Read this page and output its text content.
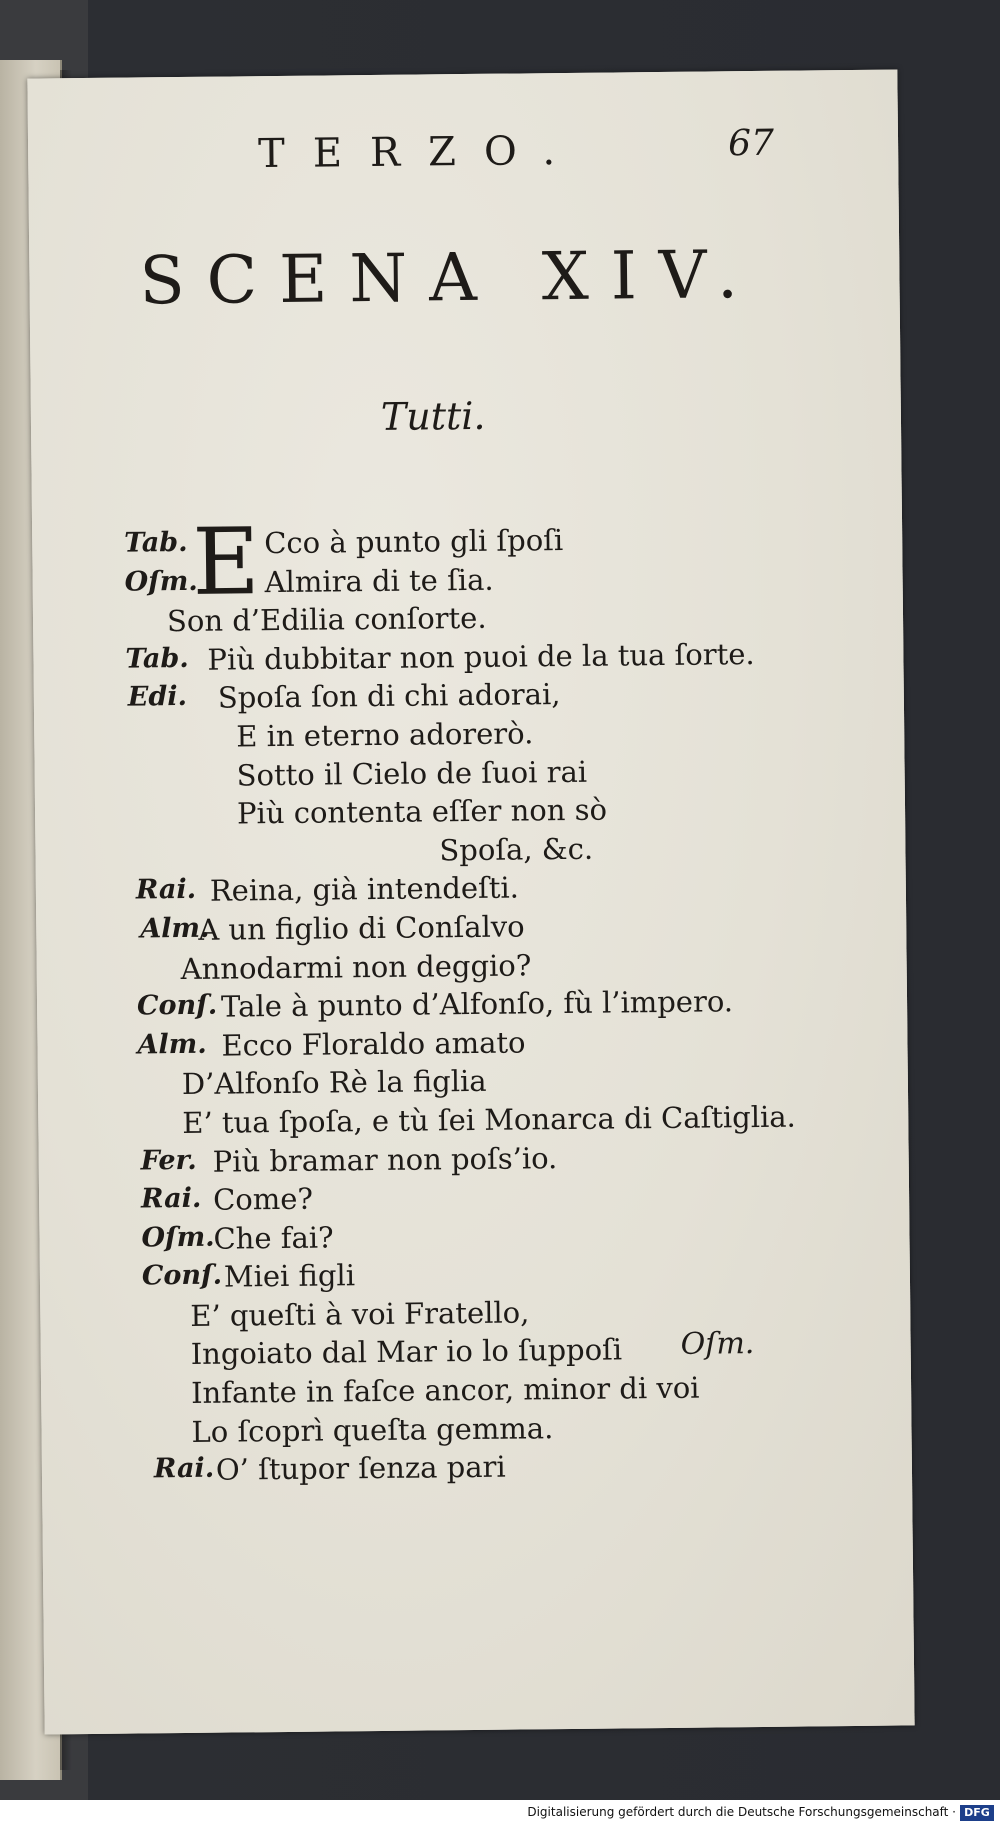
TERZO.	67
SCENA XIV.
Tutti.
Tab. E Cco à punto gli ſpoſi
Oſm. Almira di te ſia.
Son d’Edilia conſorte.
Tab. Più dubbitar non puoi de la tua ſorte.
Edi. Spoſa ſon di chi adorai,
E in eterno adorerò.
Sotto il Cielo de ſuoi rai
Più contenta eſſer non sò
Spoſa, &c.
Rai. Reina, già intendeſti.
Alm.
A un figlio di Conſalvo
Annodarmi non deggio?
Conſ. Tale à punto d’Alfonſo, fù l’impero.
Alm. Ecco Floraldo amato
D’Alfonſo Rè la figlia
E’ tua ſpoſa, e tù ſei Monarca di Caſtiglia.
Fer. Più bramar non poſs’io.
Rai. Come?
Oſm.
Che fai?
Conſ. Miei figli
E’ queſti à voi Fratello,
Ingoiato dal Mar io lo ſuppoſi
Infante in faſce ancor, minor di voi
Lo ſcoprì queſta gemma.
Rai. O’ ſtupor ſenza pari
Oſm.
Digitalisierung gefördert durch die Deutsche Forschungsgemeinschaft · DFG
